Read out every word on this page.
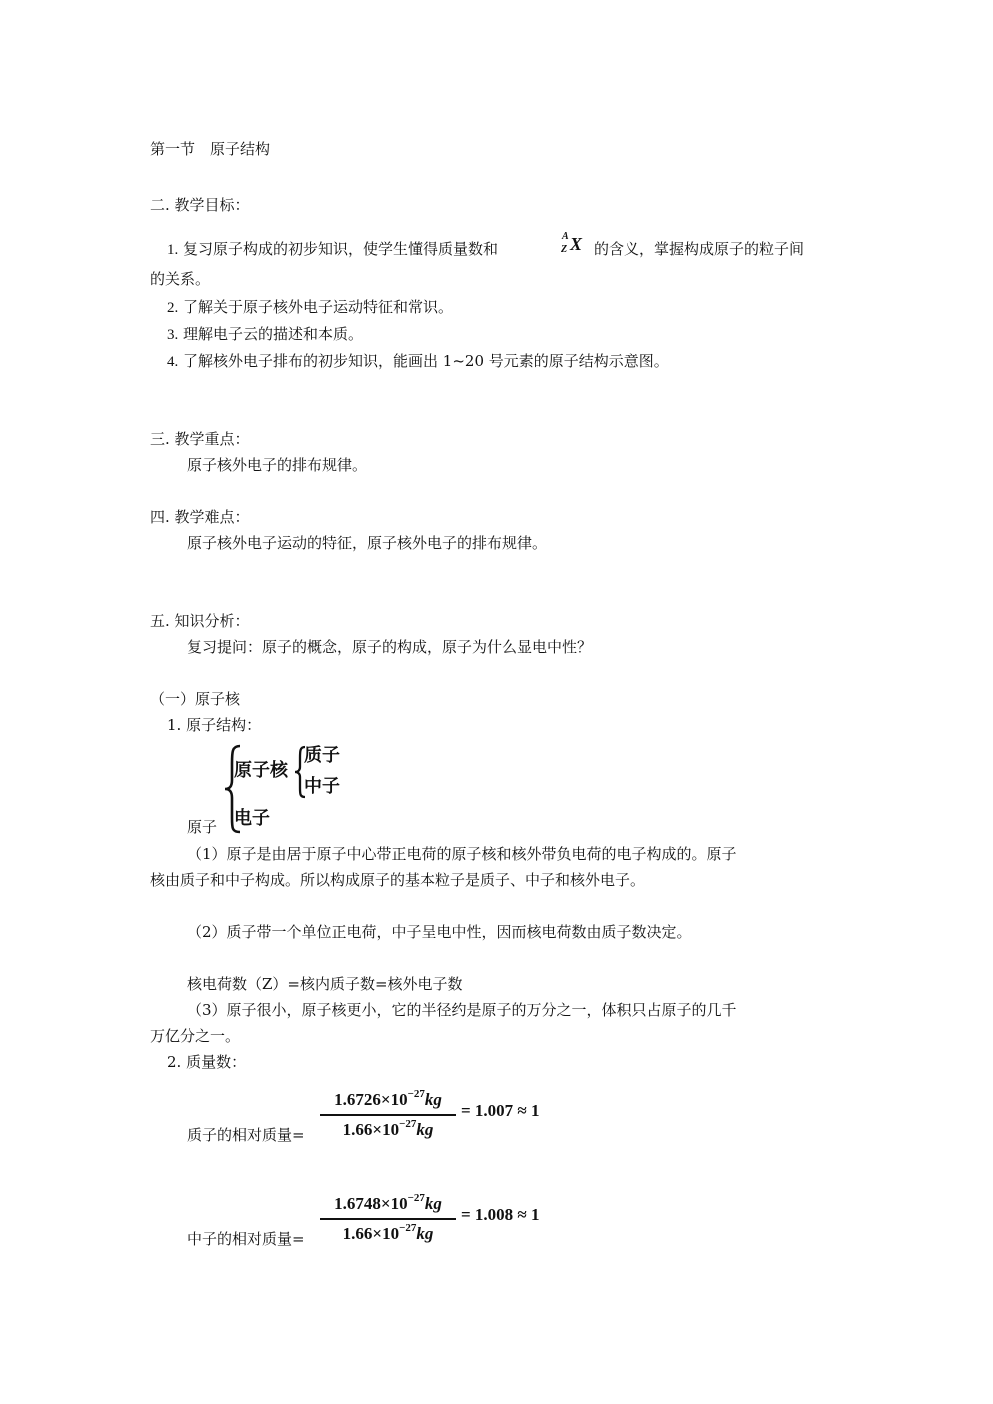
第一节　原子结构
二. 教学目标：
1. 复习原子构成的初步知识，使学生懂得质量数和
A
Z X 的含义，掌握构成原子的粒子间
的关系。
2. 了解关于原子核外电子运动特征和常识。
3. 理解电子云的描述和本质。
4. 了解核外电子排布的初步知识，能画出 1~20 号元素的原子结构示意图。
三. 教学重点：
原子核外电子的排布规律。
四. 教学难点：
原子核外电子运动的特征，原子核外电子的排布规律。
五. 知识分析：
复习提问：原子的概念，原子的构成，原子为什么显电中性？
（一）原子核
1. 原子结构：
原子
原子核
质子
中子
电子
（1）原子是由居于原子中心带正电荷的原子核和核外带负电荷的电子构成的。原子
核由质子和中子构成。所以构成原子的基本粒子是质子、中子和核外电子。
（2）质子带一个单位正电荷，中子呈电中性，因而核电荷数由质子数决定。
核电荷数（Z）=核内质子数=核外电子数
（3）原子很小，原子核更小，它的半径约是原子的万分之一，体积只占原子的几千
万亿分之一。
2. 质量数：
质子的相对质量=
$1.6726\times 10^{-27}kg$
$1.66\times 10^{-27}kg$
= 1.007 ≈ 1
中子的相对质量=
$1.6748\times 10^{-27}kg$
$1.66\times 10^{-27}kg$
= 1.008 ≈ 1
